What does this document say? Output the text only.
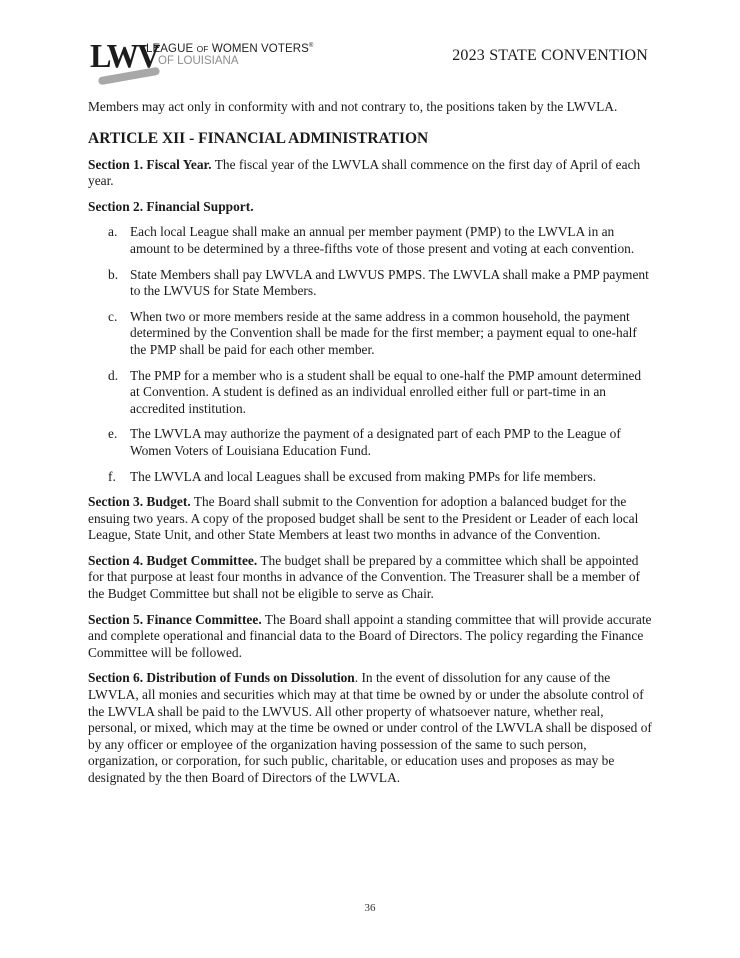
LWV
LEAGUE OF WOMEN VOTERS®
OF LOUISIANA	2023 STATE CONVENTION

Members may act only in conformity with and not contrary to, the positions taken by the LWVLA.

ARTICLE XII - FINANCIAL ADMINISTRATION

Section 1. Fiscal Year. The fiscal year of the LWVLA shall commence on the first day of April of each year.

Section 2. Financial Support.

a. Each local League shall make an annual per member payment (PMP) to the LWVLA in an amount to be determined by a three-fifths vote of those present and voting at each convention.
b. State Members shall pay LWVLA and LWVUS PMPS. The LWVLA shall make a PMP payment to the LWVUS for State Members.
c. When two or more members reside at the same address in a common household, the payment determined by the Convention shall be made for the first member; a payment equal to one-half the PMP shall be paid for each other member.
d. The PMP for a member who is a student shall be equal to one-half the PMP amount determined at Convention. A student is defined as an individual enrolled either full or part-time in an accredited institution.
e. The LWVLA may authorize the payment of a designated part of each PMP to the League of Women Voters of Louisiana Education Fund.
f. The LWVLA and local Leagues shall be excused from making PMPs for life members.

Section 3. Budget. The Board shall submit to the Convention for adoption a balanced budget for the ensuing two years. A copy of the proposed budget shall be sent to the President or Leader of each local League, State Unit, and other State Members at least two months in advance of the Convention.

Section 4. Budget Committee. The budget shall be prepared by a committee which shall be appointed for that purpose at least four months in advance of the Convention. The Treasurer shall be a member of the Budget Committee but shall not be eligible to serve as Chair.

Section 5. Finance Committee. The Board shall appoint a standing committee that will provide accurate and complete operational and financial data to the Board of Directors. The policy regarding the Finance Committee will be followed.

Section 6. Distribution of Funds on Dissolution. In the event of dissolution for any cause of the LWVLA, all monies and securities which may at that time be owned by or under the absolute control of the LWVLA shall be paid to the LWVUS. All other property of whatsoever nature, whether real, personal, or mixed, which may at the time be owned or under control of the LWVLA shall be disposed of by any officer or employee of the organization having possession of the same to such person, organization, or corporation, for such public, charitable, or education uses and proposes as may be designated by the then Board of Directors of the LWVLA.

36
